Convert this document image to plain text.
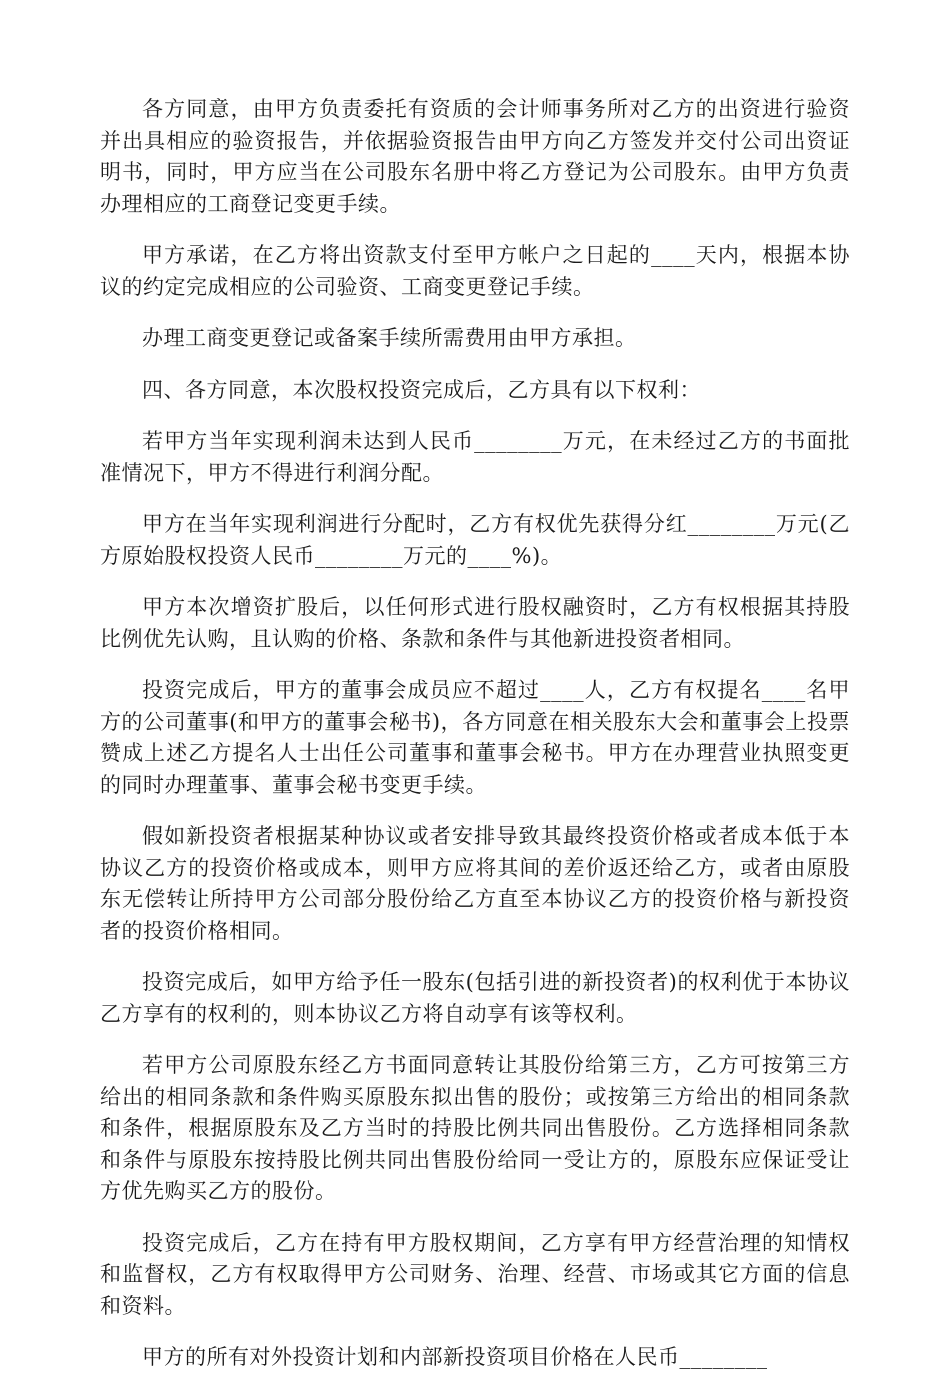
各方同意，由甲方负责委托有资质的会计师事务所对乙方的出资进行验资并出具相应的验资报告，并依据验资报告由甲方向乙方签发并交付公司出资证明书，同时，甲方应当在公司股东名册中将乙方登记为公司股东。由甲方负责办理相应的工商登记变更手续。

甲方承诺，在乙方将出资款支付至甲方帐户之日起的____天内，根据本协议的约定完成相应的公司验资、工商变更登记手续。

办理工商变更登记或备案手续所需费用由甲方承担。

四、各方同意，本次股权投资完成后，乙方具有以下权利：

若甲方当年实现利润未达到人民币________万元，在未经过乙方的书面批准情况下，甲方不得进行利润分配。

甲方在当年实现利润进行分配时，乙方有权优先获得分红________万元(乙方原始股权投资人民币________万元的____%)。

甲方本次增资扩股后，以任何形式进行股权融资时，乙方有权根据其持股比例优先认购，且认购的价格、条款和条件与其他新进投资者相同。

投资完成后，甲方的董事会成员应不超过____人，乙方有权提名____名甲方的公司董事(和甲方的董事会秘书)，各方同意在相关股东大会和董事会上投票赞成上述乙方提名人士出任公司董事和董事会秘书。甲方在办理营业执照变更的同时办理董事、董事会秘书变更手续。

假如新投资者根据某种协议或者安排导致其最终投资价格或者成本低于本协议乙方的投资价格或成本，则甲方应将其间的差价返还给乙方，或者由原股东无偿转让所持甲方公司部分股份给乙方直至本协议乙方的投资价格与新投资者的投资价格相同。

投资完成后，如甲方给予任一股东(包括引进的新投资者)的权利优于本协议乙方享有的权利的，则本协议乙方将自动享有该等权利。

若甲方公司原股东经乙方书面同意转让其股份给第三方，乙方可按第三方给出的相同条款和条件购买原股东拟出售的股份；或按第三方给出的相同条款和条件，根据原股东及乙方当时的持股比例共同出售股份。乙方选择相同条款和条件与原股东按持股比例共同出售股份给同一受让方的，原股东应保证受让方优先购买乙方的股份。

投资完成后，乙方在持有甲方股权期间，乙方享有甲方经营治理的知情权和监督权，乙方有权取得甲方公司财务、治理、经营、市场或其它方面的信息和资料。

甲方的所有对外投资计划和内部新投资项目价格在人民币________
